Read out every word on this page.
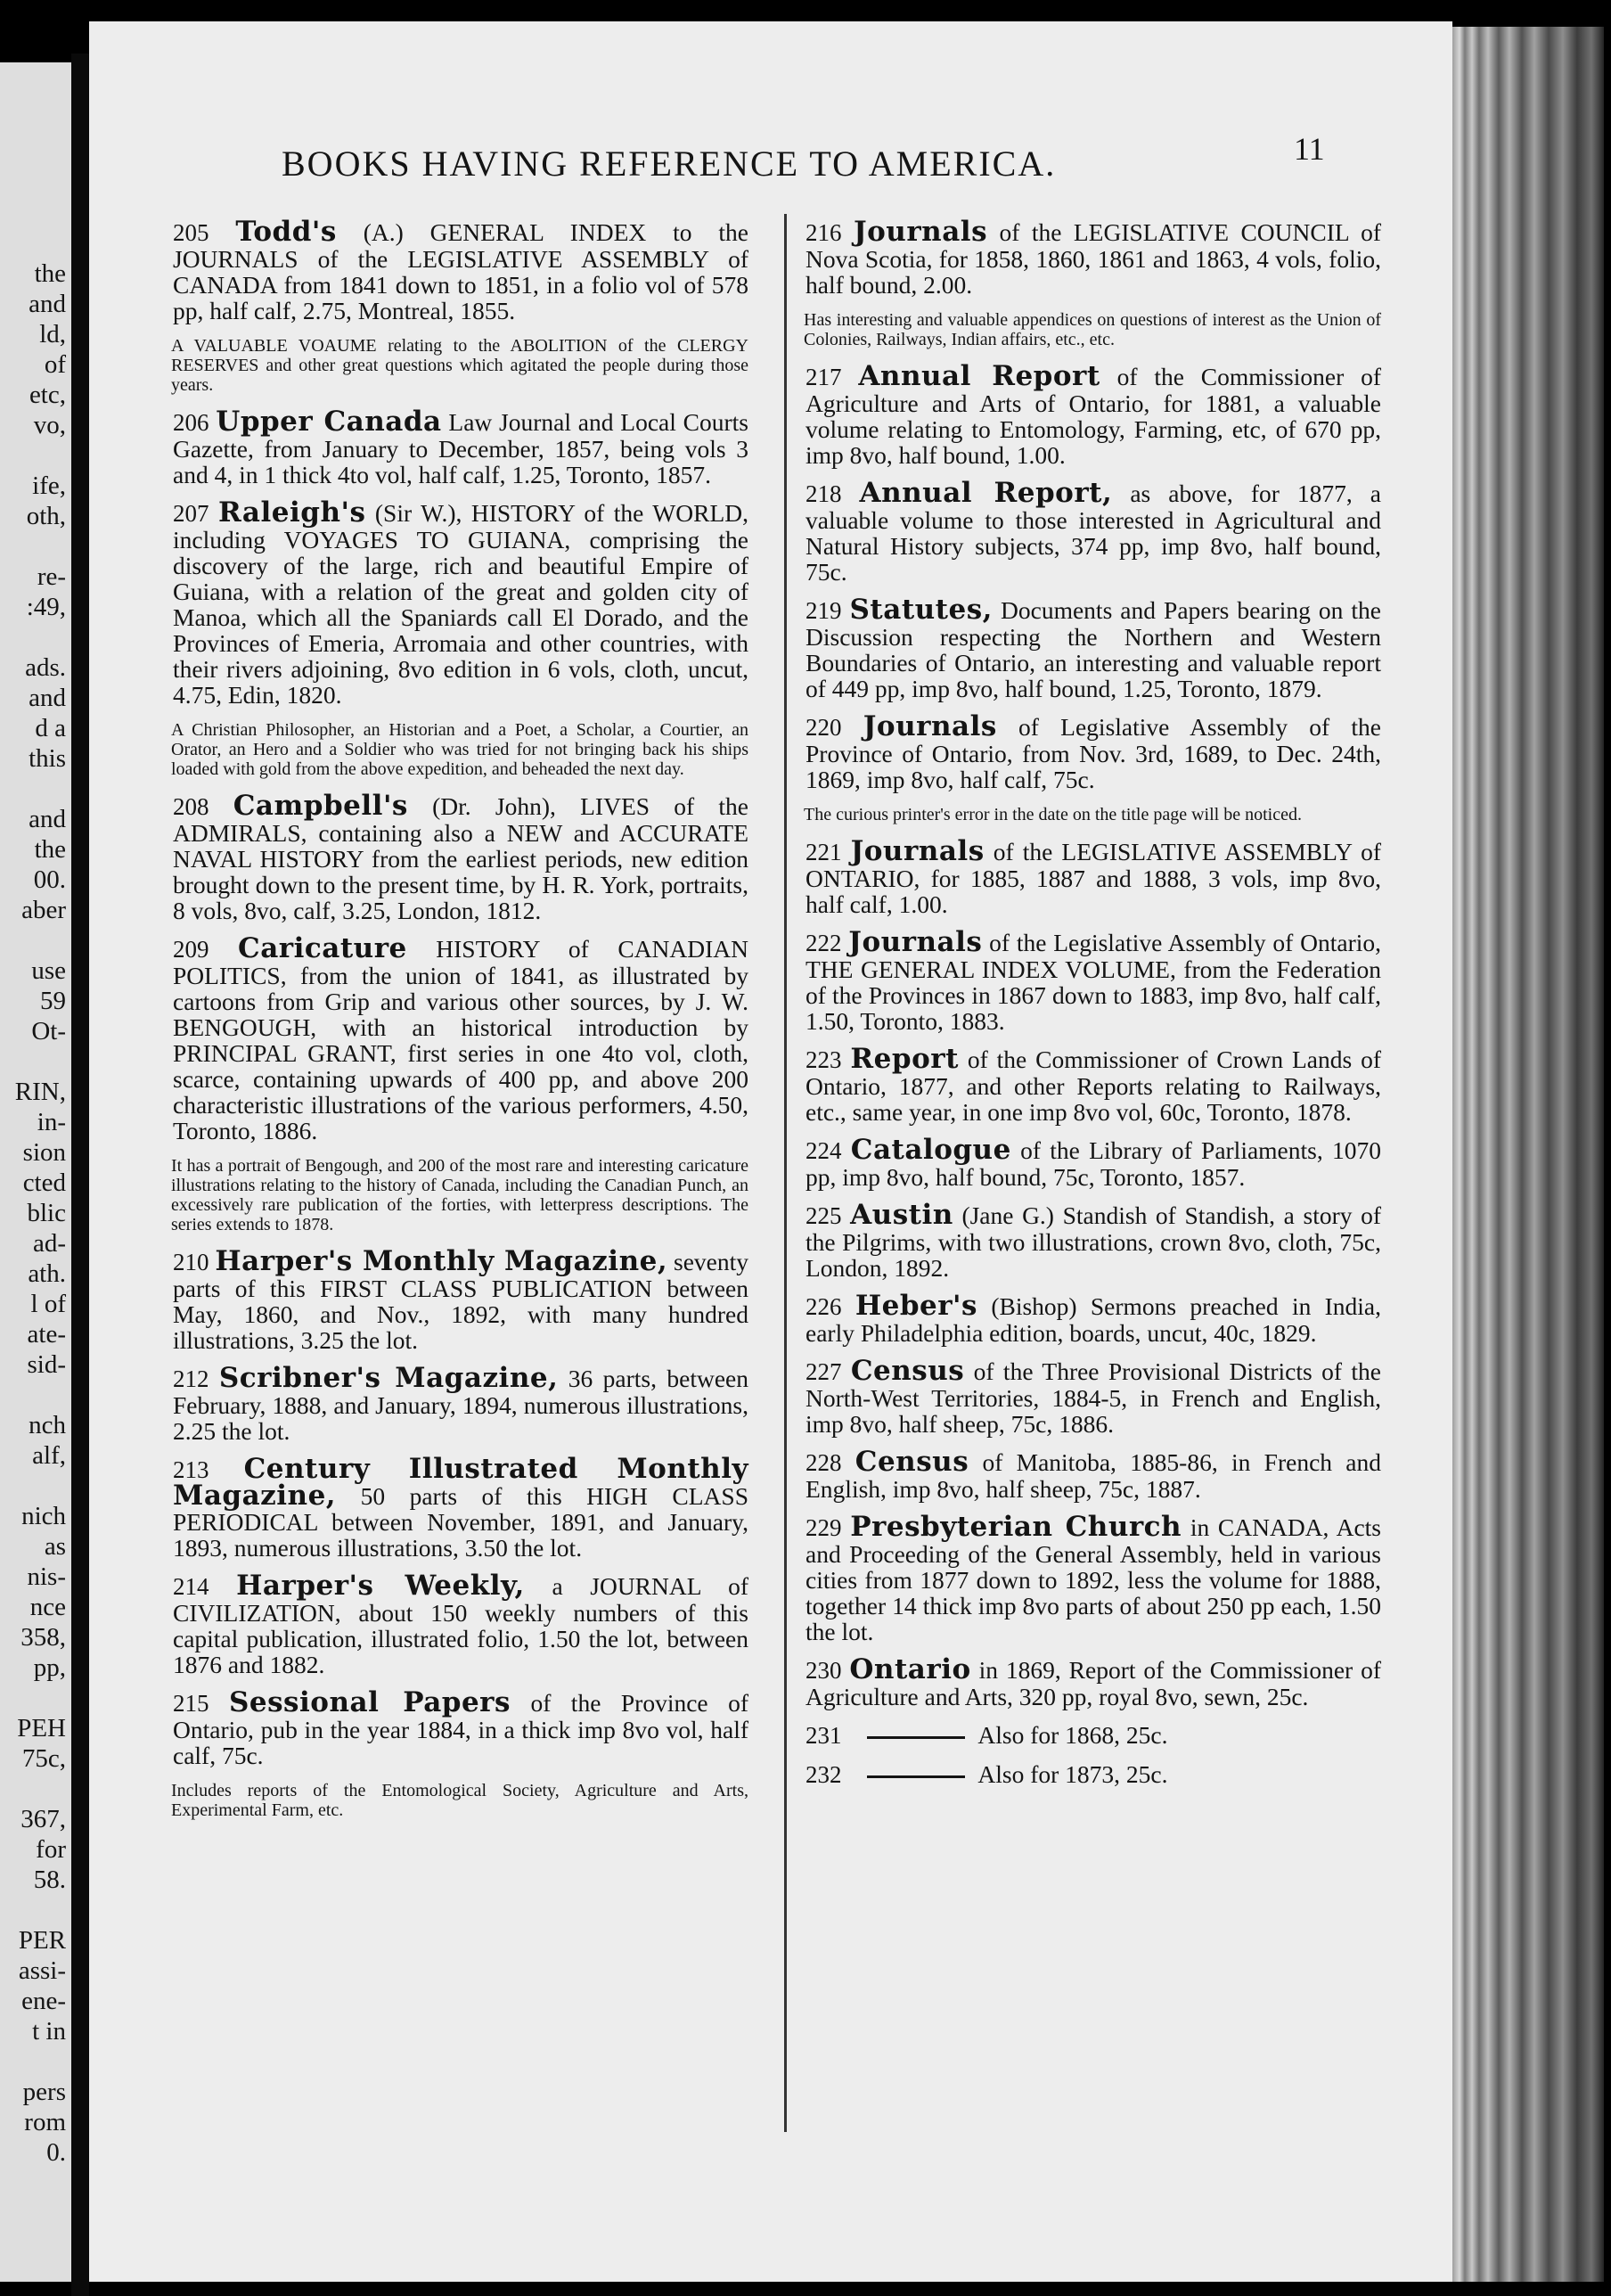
the
and
ld,
of
etc,
vo,
ife,
oth,
re-
:49,
ads.
and
d a
this
and
the
00.
aber
use
59
Ot-
RIN,
in-
sion
cted
blic
ad-
ath.
l of
ate-
sid-
nch
alf,
nich
as
nis-
nce
358,
pp,
PEH
75c,
367,
for
58.
PER
assi-
ene-
t in
pers
rom
0.
BOOKS HAVING REFERENCE TO AMERICA.	11
205 Todd's (A.) GENERAL INDEX to the JOURNALS of the LEGISLATIVE ASSEMBLY of CANADA from 1841 down to 1851, in a folio vol of 578 pp, half calf, 2.75, Montreal, 1855.
A VALUABLE VOAUME relating to the ABOLITION of the CLERGY RESERVES and other great questions which agitated the people during those years.
206 Upper Canada Law Journal and Local Courts Gazette, from January to December, 1857, being vols 3 and 4, in 1 thick 4to vol, half calf, 1.25, Toronto, 1857.
207 Raleigh's (Sir W.), HISTORY of the WORLD, including VOYAGES TO GUIANA, comprising the discovery of the large, rich and beautiful Empire of Guiana, with a relation of the great and golden city of Manoa, which all the Spaniards call El Dorado, and the Provinces of Emeria, Arromaia and other countries, with their rivers adjoining, 8vo edition in 6 vols, cloth, uncut, 4.75, Edin, 1820.
A Christian Philosopher, an Historian and a Poet, a Scholar, a Courtier, an Orator, an Hero and a Soldier who was tried for not bringing back his ships loaded with gold from the above expedition, and beheaded the next day.
208 Campbell's (Dr. John), LIVES of the ADMIRALS, containing also a NEW and ACCURATE NAVAL HISTORY from the earliest periods, new edition brought down to the present time, by H. R. York, portraits, 8 vols, 8vo, calf, 3.25, London, 1812.
209 Caricature HISTORY of CANADIAN POLITICS, from the union of 1841, as illustrated by cartoons from Grip and various other sources, by J. W. BENGOUGH, with an historical introduction by PRINCIPAL GRANT, first series in one 4to vol, cloth, scarce, containing upwards of 400 pp, and above 200 characteristic illustrations of the various performers, 4.50, Toronto, 1886.
It has a portrait of Bengough, and 200 of the most rare and interesting caricature illustrations relating to the history of Canada, including the Canadian Punch, an excessively rare publication of the forties, with letterpress descriptions. The series extends to 1878.
210 Harper's Monthly Magazine, seventy parts of this FIRST CLASS PUBLICATION between May, 1860, and Nov., 1892, with many hundred illustrations, 3.25 the lot.
212 Scribner's Magazine, 36 parts, between February, 1888, and January, 1894, numerous illustrations, 2.25 the lot.
213 Century Illustrated Monthly Magazine, 50 parts of this HIGH CLASS PERIODICAL between November, 1891, and January, 1893, numerous illustrations, 3.50 the lot.
214 Harper's Weekly, a JOURNAL of CIVILIZATION, about 150 weekly numbers of this capital publication, illustrated folio, 1.50 the lot, between 1876 and 1882.
215 Sessional Papers of the Province of Ontario, pub in the year 1884, in a thick imp 8vo vol, half calf, 75c.
Includes reports of the Entomological Society, Agriculture and Arts, Experimental Farm, etc.
216 Journals of the LEGISLATIVE COUNCIL of Nova Scotia, for 1858, 1860, 1861 and 1863, 4 vols, folio, half bound, 2.00.
Has interesting and valuable appendices on questions of interest as the Union of Colonies, Railways, Indian affairs, etc., etc.
217 Annual Report of the Commissioner of Agriculture and Arts of Ontario, for 1881, a valuable volume relating to Entomology, Farming, etc, of 670 pp, imp 8vo, half bound, 1.00.
218 Annual Report, as above, for 1877, a valuable volume to those interested in Agricultural and Natural History subjects, 374 pp, imp 8vo, half bound, 75c.
219 Statutes, Documents and Papers bearing on the Discussion respecting the Northern and Western Boundaries of Ontario, an interesting and valuable report of 449 pp, imp 8vo, half bound, 1.25, Toronto, 1879.
220 Journals of Legislative Assembly of the Province of Ontario, from Nov. 3rd, 1689, to Dec. 24th, 1869, imp 8vo, half calf, 75c.
The curious printer's error in the date on the title page will be noticed.
221 Journals of the LEGISLATIVE ASSEMBLY of ONTARIO, for 1885, 1887 and 1888, 3 vols, imp 8vo, half calf, 1.00.
222 Journals of the Legislative Assembly of Ontario, THE GENERAL INDEX VOLUME, from the Federation of the Provinces in 1867 down to 1883, imp 8vo, half calf, 1.50, Toronto, 1883.
223 Report of the Commissioner of Crown Lands of Ontario, 1877, and other Reports relating to Railways, etc., same year, in one imp 8vo vol, 60c, Toronto, 1878.
224 Catalogue of the Library of Parliaments, 1070 pp, imp 8vo, half bound, 75c, Toronto, 1857.
225 Austin (Jane G.) Standish of Standish, a story of the Pilgrims, with two illustrations, crown 8vo, cloth, 75c, London, 1892.
226 Heber's (Bishop) Sermons preached in India, early Philadelphia edition, boards, uncut, 40c, 1829.
227 Census of the Three Provisional Districts of the North-West Territories, 1884-5, in French and English, imp 8vo, half sheep, 75c, 1886.
228 Census of Manitoba, 1885-86, in French and English, imp 8vo, half sheep, 75c, 1887.
229 Presbyterian Church in CANADA, Acts and Proceeding of the General Assembly, held in various cities from 1877 down to 1892, less the volume for 1888, together 14 thick imp 8vo parts of about 250 pp each, 1.50 the lot.
230 Ontario in 1869, Report of the Commissioner of Agriculture and Arts, 320 pp, royal 8vo, sewn, 25c.
231	Also for 1868, 25c.
232	Also for 1873, 25c.
